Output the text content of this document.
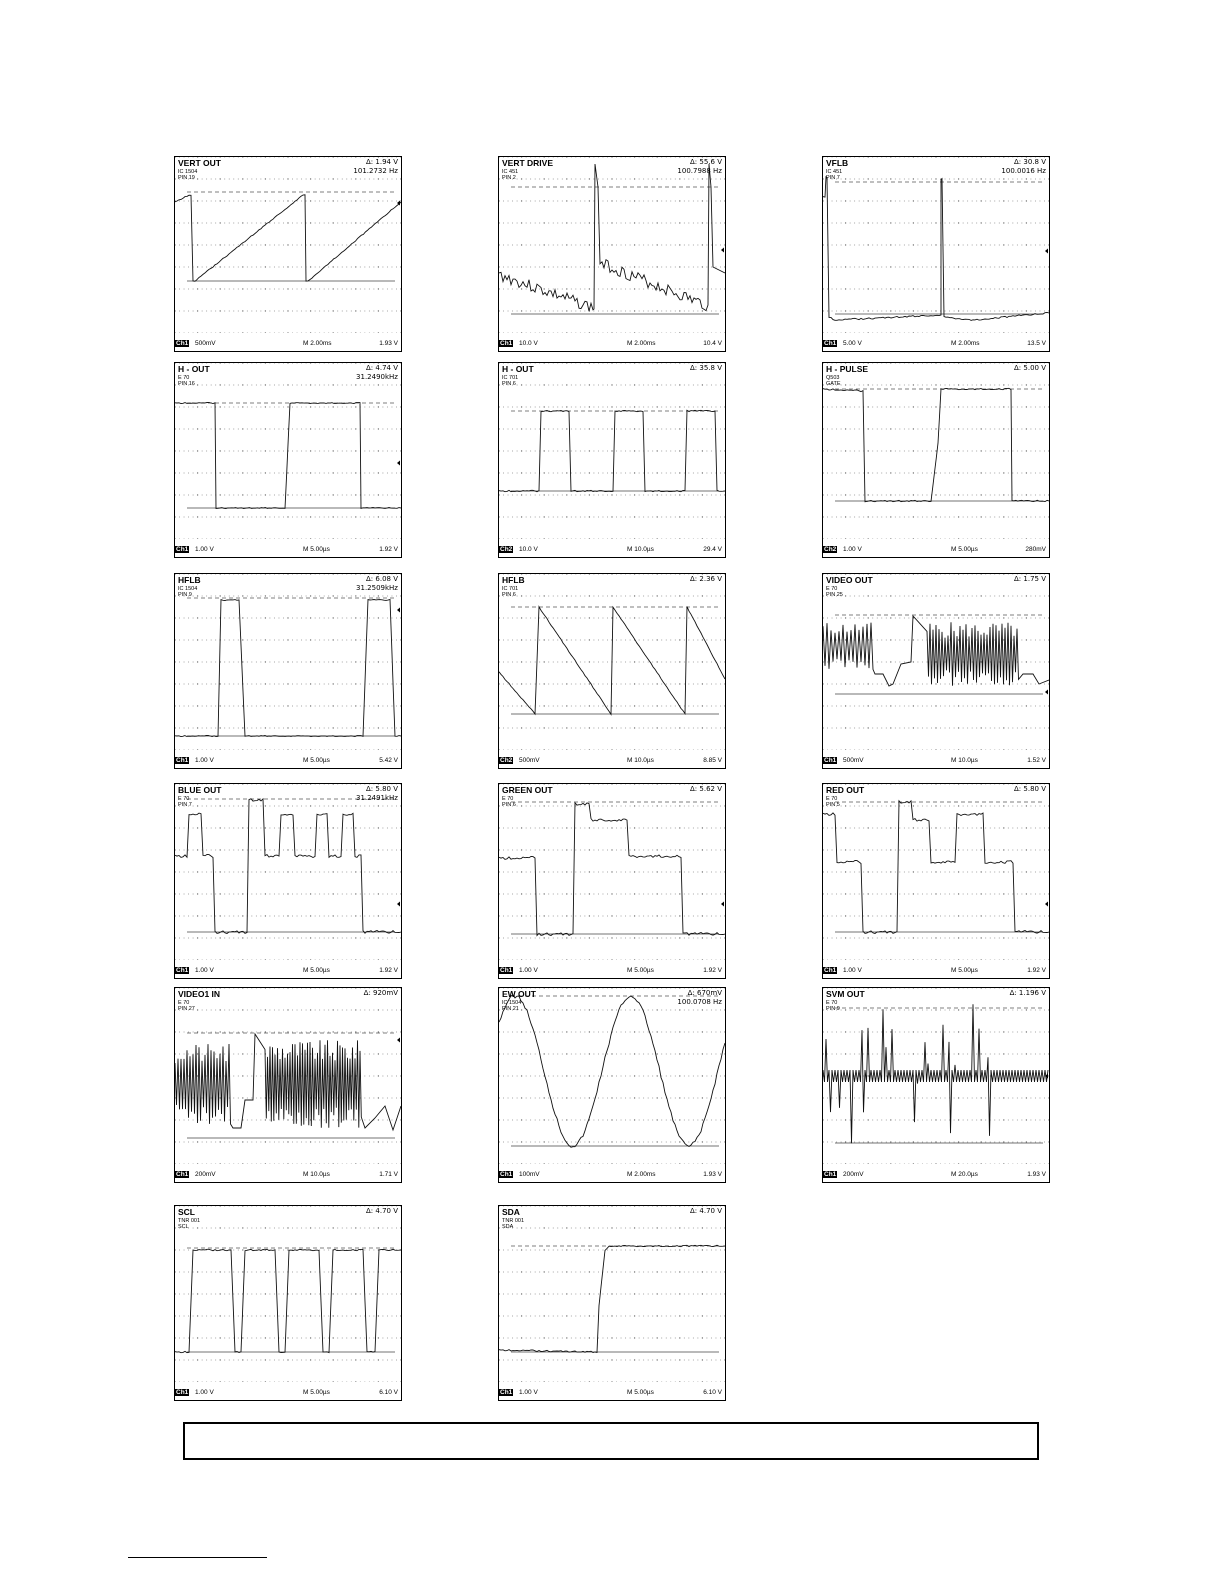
VERT OUT
IC 1504
PIN 19
Δ: 1.94 V
101.2732 Hz
Ch1 500mV	M 2.00ms	1.93 V
VERT DRIVE
IC 451
PIN 2
Δ: 55.6 V
100.7988 Hz
Ch1 10.0 V	M 2.00ms	10.4 V
VFLB
IC 451
PIN 7
Δ: 30.8 V
100.0016 Hz
Ch1 5.00 V	M 2.00ms	13.5 V
H - OUT
E 70
PIN 16
Δ: 4.74 V
31.2490kHz
Ch1 1.00 V	M 5.00µs	1.92 V
H - OUT
IC 701
PIN 6
Δ: 35.8 V
Ch2 10.0 V	M 10.0µs	29.4 V
H - PULSE
Q503
GATE
Δ: 5.00 V
Ch2 1.00 V	M 5.00µs	280mV
HFLB
IC 1504
PIN 9
Δ: 6.08 V
31.2509kHz
Ch1 1.00 V	M 5.00µs	5.42 V
HFLB
IC 701
PIN 6
Δ: 2.36 V
Ch2 500mV	M 10.0µs	8.85 V
VIDEO OUT
E 70
PIN 25
Δ: 1.75 V
Ch1 500mV	M 10.0µs	1.52 V
BLUE OUT
E 70
PIN 7
Δ: 5.80 V
31.2491kHz
Ch1 1.00 V	M 5.00µs	1.92 V
GREEN OUT
E 70
PIN 6
Δ: 5.62 V
Ch1 1.00 V	M 5.00µs	1.92 V
RED OUT
E 70
PIN 5
Δ: 5.80 V
Ch1 1.00 V	M 5.00µs	1.92 V
VIDEO1 IN
E 70
PIN 27
Δ: 920mV
Ch1 200mV	M 10.0µs	1.71 V
EW OUT
IC 1504
PIN 21
Δ: 670mV
100.0708 Hz
Ch1 100mV	M 2.00ms	1.93 V
SVM OUT
E 70
PIN 9
Δ: 1.196 V
Ch1 200mV	M 20.0µs	1.93 V
SCL
TNR 001
SCL
Δ: 4.70 V
Ch1 1.00 V	M 5.00µs	6.10 V
SDA
TNR 001
SDA
Δ: 4.70 V
Ch1 1.00 V	M 5.00µs	6.10 V
